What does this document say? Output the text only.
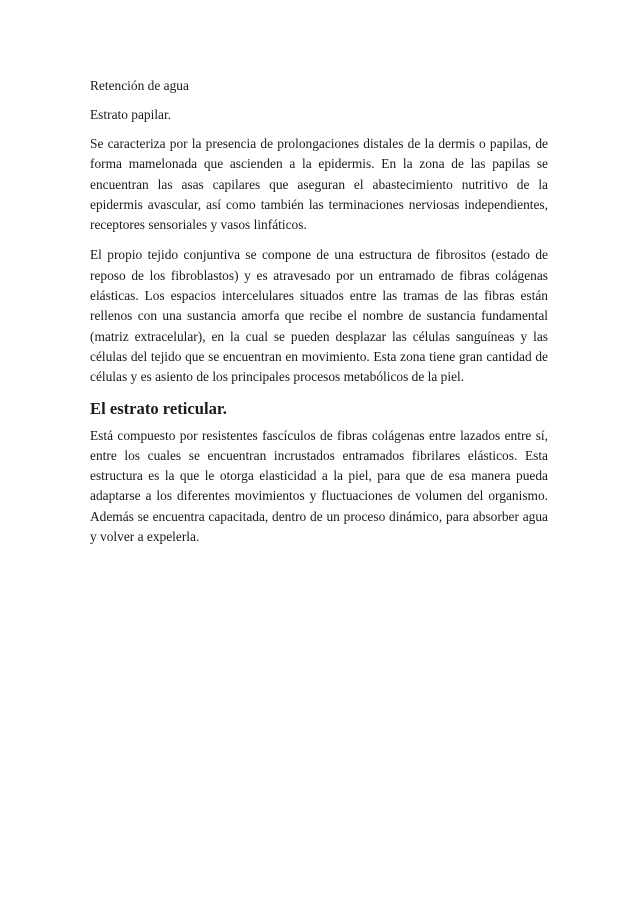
Retención de agua

Estrato papilar.

Se caracteriza por la presencia de prolongaciones distales de la dermis o papilas, de forma mamelonada que ascienden a la epidermis. En la zona de las papilas se encuentran las asas capilares que aseguran el abastecimiento nutritivo de la epidermis avascular, así como también las terminaciones nerviosas independientes, receptores sensoriales y vasos linfáticos.

El propio tejido conjuntiva se compone de una estructura de fibrositos (estado de reposo de los fibroblastos) y es atravesado por un entramado de fibras colágenas elásticas. Los espacios intercelulares situados entre las tramas de las fibras están rellenos con una sustancia amorfa que recibe el nombre de sustancia fundamental (matriz extracelular), en la cual se pueden desplazar las células sanguíneas y las células del tejido que se encuentran en movimiento. Esta zona tiene gran cantidad de células y es asiento de los principales procesos metabólicos de la piel.

El estrato reticular.

Está compuesto por resistentes fascículos de fibras colágenas entre lazados entre sí, entre los cuales se encuentran incrustados entramados fibrilares elásticos. Esta estructura es la que le otorga elasticidad a la piel, para que de esa manera pueda adaptarse a los diferentes movimientos y fluctuaciones de volumen del organismo. Además se encuentra capacitada, dentro de un proceso dinámico, para absorber agua y volver a expelerla.
